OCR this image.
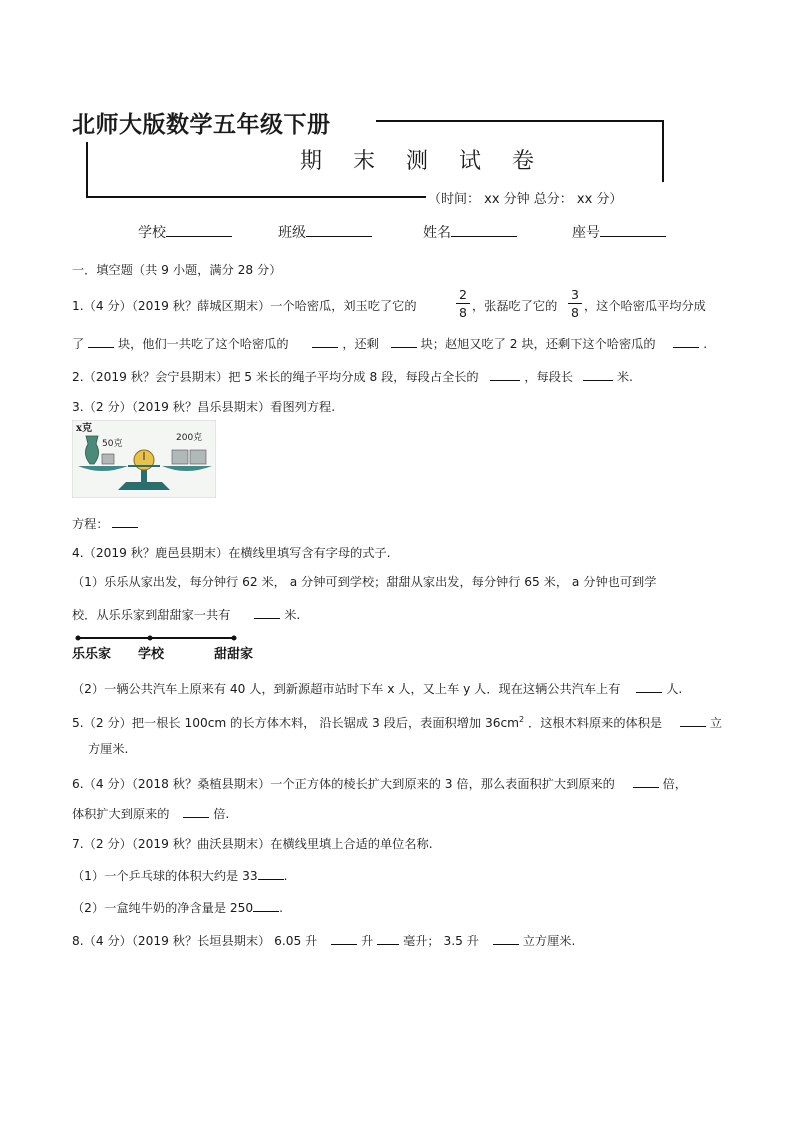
北师大版数学五年级下册
期 末 测 试 卷
（时间： xx 分钟 总分： xx 分）
学校	班级	姓名	座号
一．填空题（共 9 小题，满分 28 分）
1.（4 分）（2019 秋？薛城区期末）一个哈密瓜，刘玉吃了它的
2
8 ，张磊吃了它的
3
8 ，这个哈密瓜平均分成
了	块，他们一共吃了这个哈密瓜的	，还剩	块；赵旭又吃了 2 块，还剩下这个哈密瓜的	.
2.（2019 秋？会宁县期末）把 5 米长的绳子平均分成 8 段，每段占全长的	，每段长	米.
3.（2 分）（2019 秋？昌乐县期末）看图列方程.
x克
50克
200克
方程：
4.（2019 秋？鹿邑县期末）在横线里填写含有字母的式子.
（1）乐乐从家出发，每分钟行 62 米， a 分钟可到学校；甜甜从家出发，每分钟行 65 米， a 分钟也可到学
校．从乐乐家到甜甜家一共有	米.
乐乐家 学校	甜甜家
（2）一辆公共汽车上原来有 40 人，到新源超市站时下车 x 人，又上车 y 人．现在这辆公共汽车上有	人.
5.（2 分）把一根长 100cm 的长方体木料， 沿长锯成 3 段后，表面积增加 $36cm^2$ ．这根木料原来的体积是	立
方厘米.
6.（4 分）（2018 秋？桑植县期末）一个正方体的棱长扩大到原来的 3 倍，那么表面积扩大到原来的	倍，
体积扩大到原来的	倍.
7.（2 分）（2019 秋？曲沃县期末）在横线里填上合适的单位名称.
（1）一个乒乓球的体积大约是 33 .
（2）一盒纯牛奶的净含量是 250 .
8.（4 分）（2019 秋？长垣县期末） 6.05 升	升 毫升； 3.5 升	立方厘米.
